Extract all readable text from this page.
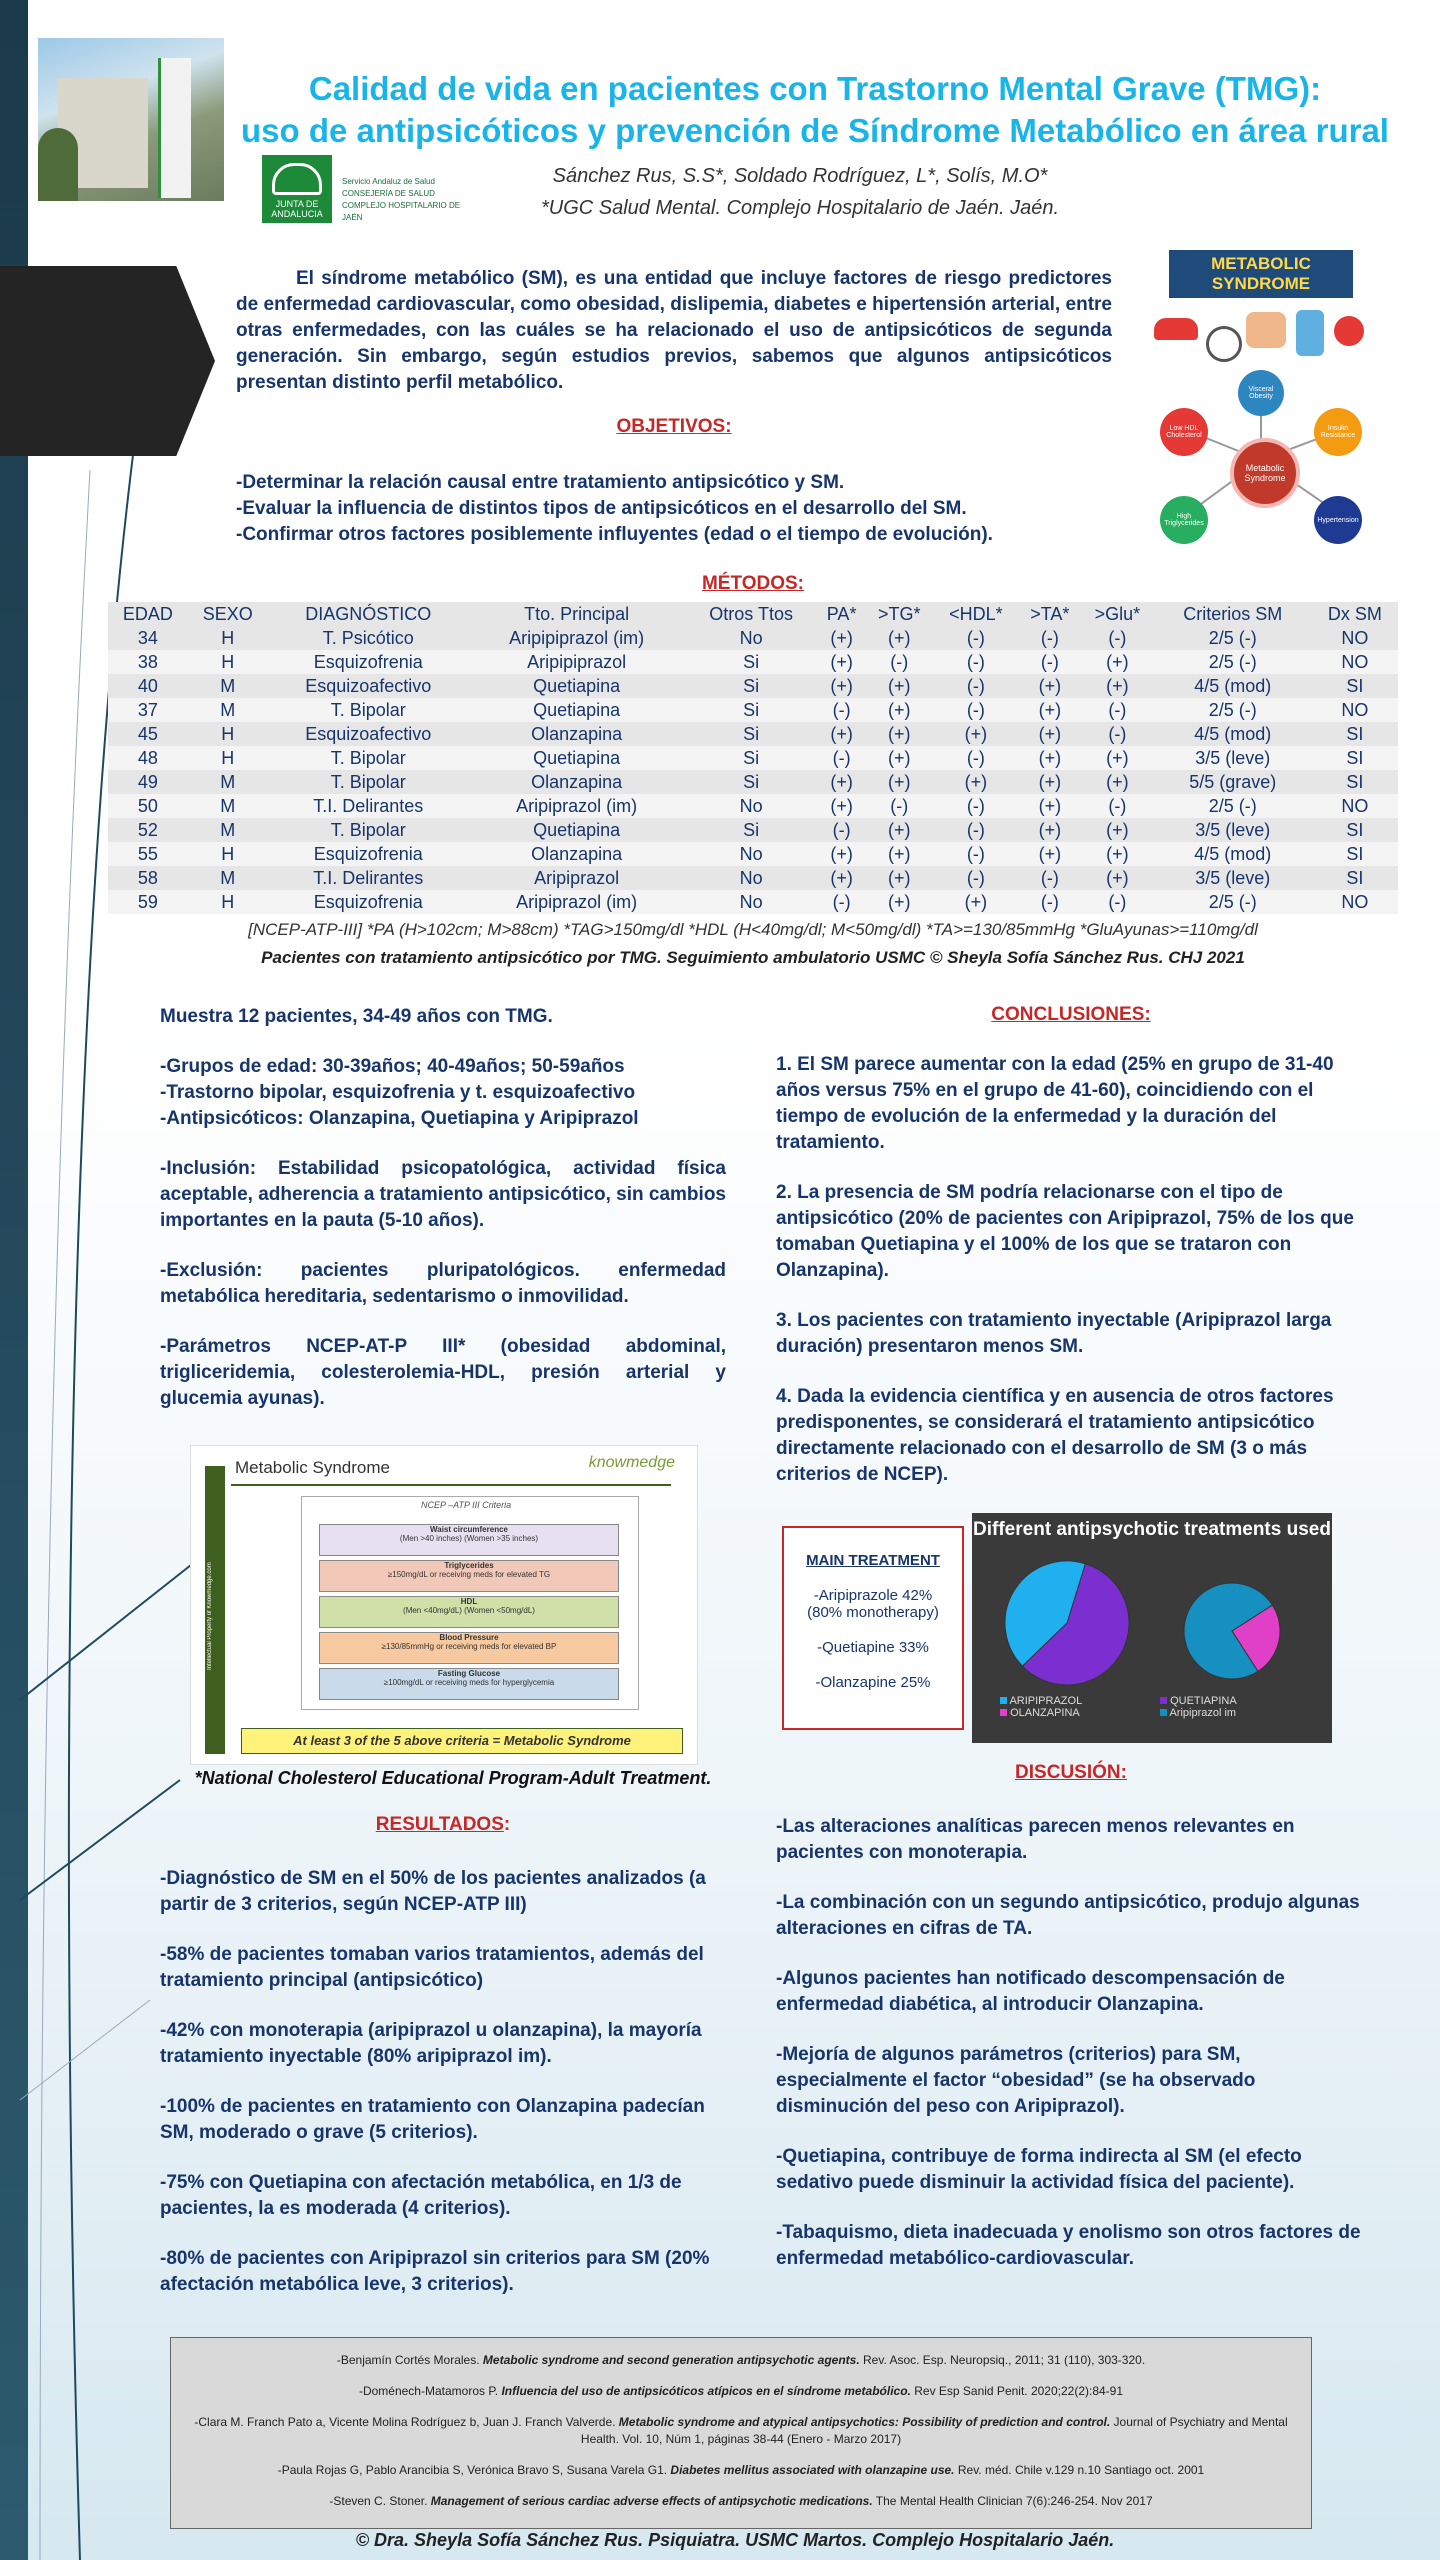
Calidad de vida en pacientes con Trastorno Mental Grave (TMG):
uso de antipsicóticos y prevención de Síndrome Metabólico en área rural
JUNTA DE ANDALUCIA
Servicio Andaluz de Salud
CONSEJERÍA DE SALUD
COMPLEJO HOSPITALARIO DE JAÉN
Sánchez Rus, S.S*, Soldado Rodríguez, L*, Solís, M.O*
*UGC Salud Mental. Complejo Hospitalario de Jaén. Jaén.
El síndrome metabólico (SM), es una entidad que incluye factores de riesgo predictores de enfermedad cardiovascular, como obesidad, dislipemia, diabetes e hipertensión arterial, entre otras enfermedades, con las cuáles se ha relacionado el uso de antipsicóticos de segunda generación. Sin embargo, según estudios previos, sabemos que algunos antipsicóticos presentan distinto perfil metabólico.
METABOLIC SYNDROME
Visceral Obesity
Low HDL Cholesterol
Insulin Resistance
Metabolic Syndrome
High Triglycerides	Hypertension
OBJETIVOS:
-Determinar la relación causal entre tratamiento antipsicótico y SM.
-Evaluar la influencia de distintos tipos de antipsicóticos en el desarrollo del SM.
-Confirmar otros factores posiblemente influyentes (edad o el tiempo de evolución).
MÉTODOS:
EDAD	SEXO	DIAGNÓSTICO	Tto. Principal	Otros Ttos	PA*	>TG*	<HDL*	>TA*	>Glu*	Criterios SM	Dx SM
34	H	T. Psicótico	Aripipiprazol (im)	No	(+)	(+)	(-)	(-)	(-)	2/5 (-)	NO
38	H	Esquizofrenia	Aripipiprazol	Si	(+)	(-)	(-)	(-)	(+)	2/5 (-)	NO
40	M	Esquizoafectivo	Quetiapina	Si	(+)	(+)	(-)	(+)	(+)	4/5 (mod)	SI
37	M	T. Bipolar	Quetiapina	Si	(-)	(+)	(-)	(+)	(-)	2/5 (-)	NO
45	H	Esquizoafectivo	Olanzapina	Si	(+)	(+)	(+)	(+)	(-)	4/5 (mod)	SI
48	H	T. Bipolar	Quetiapina	Si	(-)	(+)	(-)	(+)	(+)	3/5 (leve)	SI
49	M	T. Bipolar	Olanzapina	Si	(+)	(+)	(+)	(+)	(+)	5/5 (grave)	SI
50	M	T.I. Delirantes	Aripiprazol (im)	No	(+)	(-)	(-)	(+)	(-)	2/5 (-)	NO
52	M	T. Bipolar	Quetiapina	Si	(-)	(+)	(-)	(+)	(+)	3/5 (leve)	SI
55	H	Esquizofrenia	Olanzapina	No	(+)	(+)	(-)	(+)	(+)	4/5 (mod)	SI
58	M	T.I. Delirantes	Aripiprazol	No	(+)	(+)	(-)	(-)	(+)	3/5 (leve)	SI
59	H	Esquizofrenia	Aripiprazol (im)	No	(-)	(+)	(+)	(-)	(-)	2/5 (-)	NO
[NCEP-ATP-III] *PA (H>102cm; M>88cm) *TAG>150mg/dl *HDL (H<40mg/dl; M<50mg/dl) *TA>=130/85mmHg *GluAyunas>=110mg/dl
Pacientes con tratamiento antipsicótico por TMG. Seguimiento ambulatorio USMC © Sheyla Sofía Sánchez Rus. CHJ 2021

Muestra 12 pacientes, 34-49 años con TMG.

-Grupos de edad: 30-39años; 40-49años; 50-59años
-Trastorno bipolar, esquizofrenia y t. esquizoafectivo
-Antipsicóticos: Olanzapina, Quetiapina y Aripiprazol

-Inclusión: Estabilidad psicopatológica, actividad física aceptable, adherencia a tratamiento antipsicótico, sin cambios importantes en la pauta (5-10 años).

-Exclusión: pacientes pluripatológicos. enfermedad metabólica hereditaria, sedentarismo o inmovilidad.

-Parámetros NCEP-AT-P III* (obesidad abdominal, trigliceridemia, colesterolemia-HDL, presión arterial y glucemia ayunas).

Intellectual Property of Knowmedge.com
Metabolic Syndrome	knowmedge
NCEP –ATP III Criteria
Waist circumference
(Men >40 inches) (Women >35 inches)
Triglycerides
≥150mg/dL or receiving meds for elevated TG
HDL
(Men <40mg/dL) (Women <50mg/dL)
Blood Pressure
≥130/85mmHg or receiving meds for elevated BP
Fasting Glucose
≥100mg/dL or receiving meds for hyperglycemia
At least 3 of the 5 above criteria = Metabolic Syndrome
*National Cholesterol Educational Program-Adult Treatment.
RESULTADOS:

-Diagnóstico de SM en el 50% de los pacientes analizados (a partir de 3 criterios, según NCEP-ATP III)

-58% de pacientes tomaban varios tratamientos, además del tratamiento principal (antipsicótico)

-42% con monoterapia (aripiprazol u olanzapina), la mayoría tratamiento inyectable (80% aripiprazol im).

-100% de pacientes en tratamiento con Olanzapina padecían SM, moderado o grave (5 criterios).

-75% con Quetiapina con afectación metabólica, en 1/3 de pacientes, la es moderada (4 criterios).

-80% de pacientes con Aripiprazol sin criterios para SM (20% afectación metabólica leve, 3 criterios).

CONCLUSIONES:

1. El SM parece aumentar con la edad (25% en grupo de 31-40 años versus 75% en el grupo de 41-60), coincidiendo con el tiempo de evolución de la enfermedad y la duración del tratamiento.

2. La presencia de SM podría relacionarse con el tipo de antipsicótico (20% de pacientes con Aripiprazol, 75% de los que tomaban Quetiapina y el 100% de los que se trataron con Olanzapina).

3. Los pacientes con tratamiento inyectable (Aripiprazol larga duración) presentaron menos SM.

4. Dada la evidencia científica y en ausencia de otros factores predisponentes, se considerará el tratamiento antipsicótico directamente relacionado con el desarrollo de SM (3 o más criterios de NCEP).

MAIN TREATMENT
-Aripiprazole 42%
(80% monotherapy)
-Quetiapine 33%
-Olanzapine 25%
Different antipsychotic treatments used
ARIPIPRAZOL	QUETIAPINA
OLANZAPINA	Aripiprazol im
DISCUSIÓN:

-Las alteraciones analíticas parecen menos relevantes en pacientes con monoterapia.

-La combinación con un segundo antipsicótico, produjo algunas alteraciones en cifras de TA.

-Algunos pacientes han notificado descompensación de enfermedad diabética, al introducir Olanzapina.

-Mejoría de algunos parámetros (criterios) para SM, especialmente el factor “obesidad” (se ha observado disminución del peso con Aripiprazol).

-Quetiapina, contribuye de forma indirecta al SM (el efecto sedativo puede disminuir la actividad física del paciente).

-Tabaquismo, dieta inadecuada y enolismo son otros factores de enfermedad metabólico-cardiovascular.

-Benjamín Cortés Morales. Metabolic syndrome and second generation antipsychotic agents. Rev. Asoc. Esp. Neuropsiq., 2011; 31 (110), 303-320.

-Doménech-Matamoros P. Influencia del uso de antipsicóticos atípicos en el síndrome metabólico. Rev Esp Sanid Penit. 2020;22(2):84-91

-Clara M. Franch Pato a, Vicente Molina Rodríguez b, Juan J. Franch Valverde. Metabolic syndrome and atypical antipsychotics: Possibility of prediction and control. Journal of Psychiatry and Mental Health. Vol. 10, Núm 1, páginas 38-44 (Enero - Marzo 2017)

-Paula Rojas G, Pablo Arancibia S, Verónica Bravo S, Susana Varela G1. Diabetes mellitus associated with olanzapine use. Rev. méd. Chile v.129 n.10 Santiago oct. 2001

-Steven C. Stoner. Management of serious cardiac adverse effects of antipsychotic medications. The Mental Health Clinician 7(6):246-254. Nov 2017

© Dra. Sheyla Sofía Sánchez Rus. Psiquiatra. USMC Martos. Complejo Hospitalario Jaén.
